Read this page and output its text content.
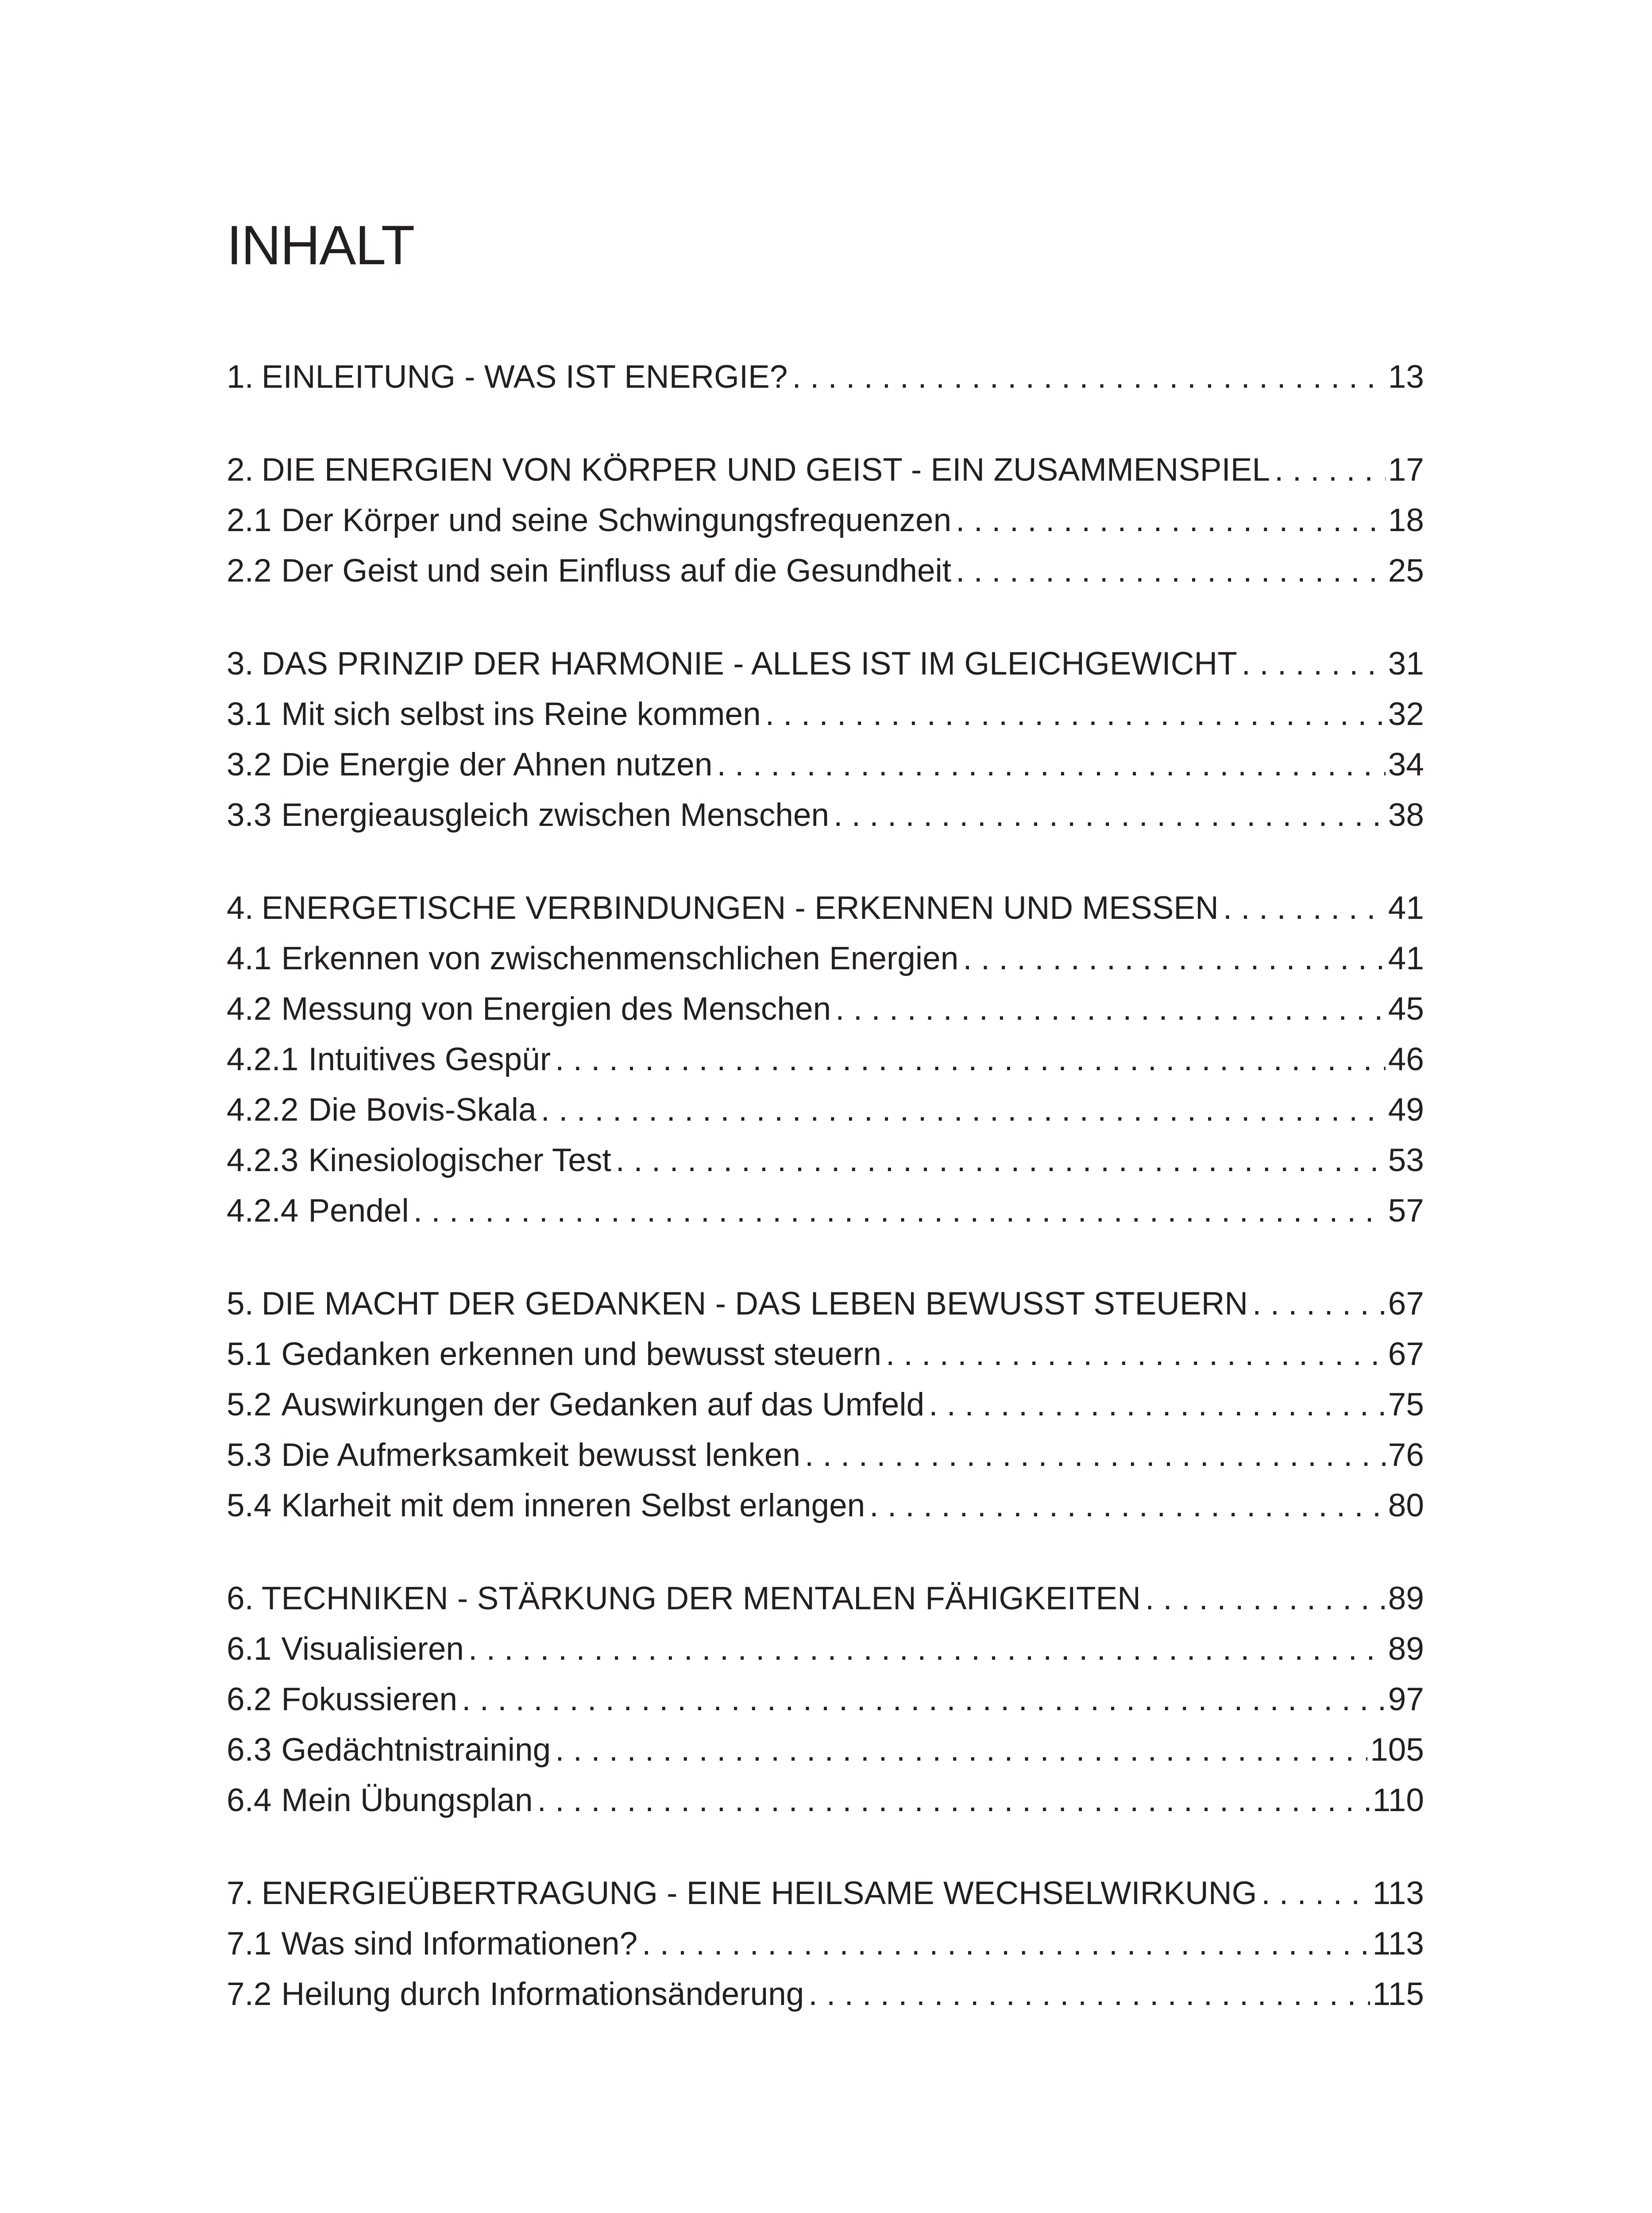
INHALT
1. EINLEITUNG - WAS IST ENERGIE? . . .	13
2. DIE ENERGIEN VON KÖRPER UND GEIST - EIN ZUSAMMENSPIEL . . .	17
2.1 Der Körper und seine Schwingungsfrequenzen . . .	18
2.2 Der Geist und sein Einfluss auf die Gesundheit . . .	25
3. DAS PRINZIP DER HARMONIE - ALLES IST IM GLEICHGEWICHT . . .	31
3.1 Mit sich selbst ins Reine kommen . . .	32
3.2 Die Energie der Ahnen nutzen . . .	34
3.3 Energieausgleich zwischen Menschen . . .	38
4. ENERGETISCHE VERBINDUNGEN - ERKENNEN UND MESSEN . . .	41
4.1 Erkennen von zwischenmenschlichen Energien . . .	41
4.2 Messung von Energien des Menschen . . .	45
4.2.1 Intuitives Gespür . . .	46
4.2.2 Die Bovis-Skala . . .	49
4.2.3 Kinesiologischer Test . . .	53
4.2.4 Pendel . . .	57
5. DIE MACHT DER GEDANKEN - DAS LEBEN BEWUSST STEUERN . . .	67
5.1 Gedanken erkennen und bewusst steuern . . .	67
5.2 Auswirkungen der Gedanken auf das Umfeld . . .	75
5.3 Die Aufmerksamkeit bewusst lenken . . .	76
5.4 Klarheit mit dem inneren Selbst erlangen . . .	80
6. TECHNIKEN - STÄRKUNG DER MENTALEN FÄHIGKEITEN . . .	89
6.1 Visualisieren . . .	89
6.2 Fokussieren . . .	97
6.3 Gedächtnistraining . . .	105
6.4 Mein Übungsplan . . .	110
7. ENERGIEÜBERTRAGUNG - EINE HEILSAME WECHSELWIRKUNG . . .	113
7.1 Was sind Informationen? . . .	113
7.2 Heilung durch Informationsänderung . . .	115
